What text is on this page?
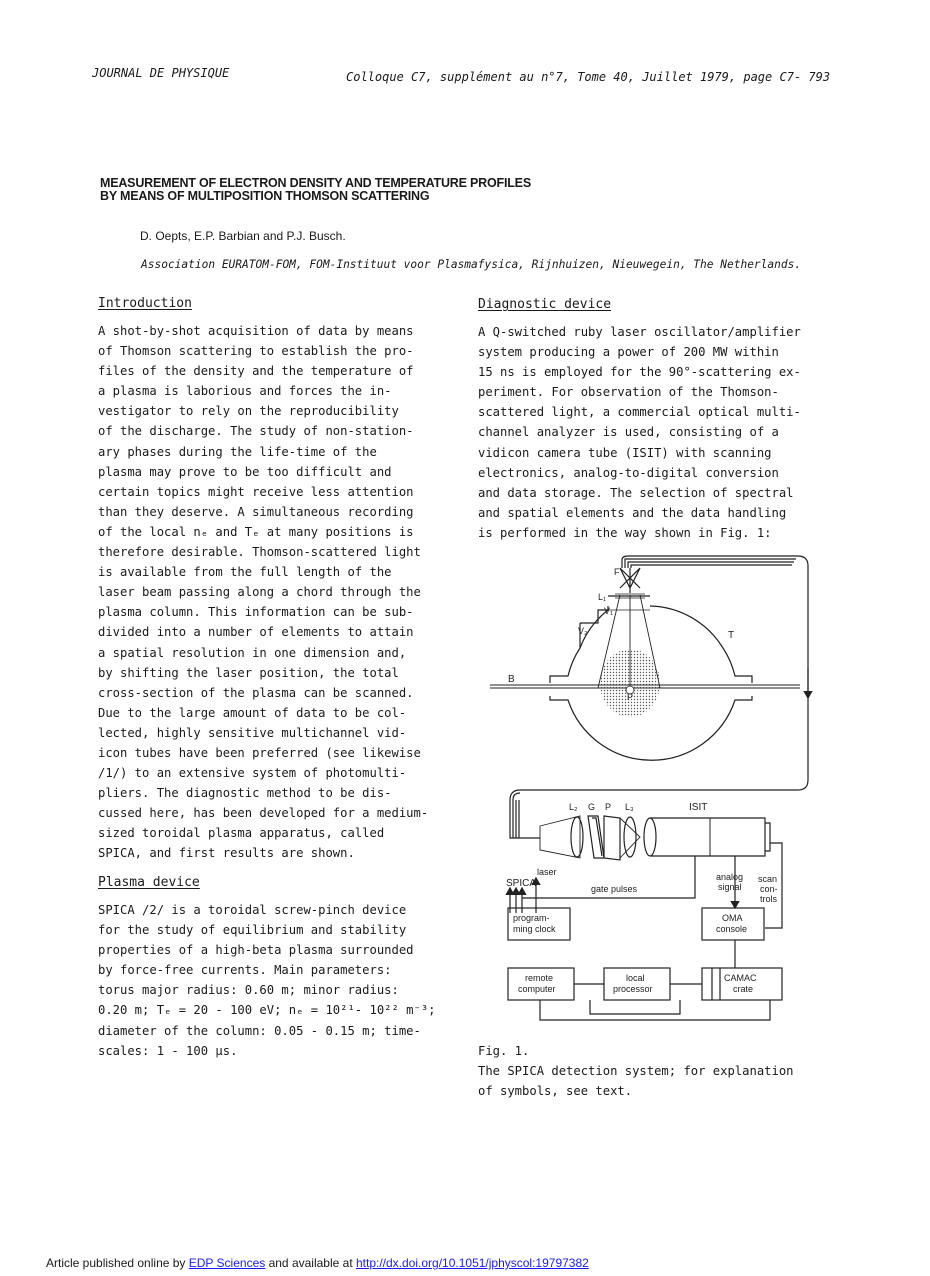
JOURNAL DE PHYSIQUE	Colloque C7, supplément au n°7, Tome 40, Juillet 1979, page C7- 793
MEASUREMENT OF ELECTRON DENSITY AND TEMPERATURE PROFILES
BY MEANS OF MULTIPOSITION THOMSON SCATTERING
D. Oepts, E.P. Barbian and P.J. Busch.
Association EURATOM-FOM, FOM-Instituut voor Plasmafysica, Rijnhuizen, Nieuwegein, The Netherlands.
Introduction

A shot-by-shot acquisition of data by means

of Thomson scattering to establish the pro-

files of the density and the temperature of

a plasma is laborious and forces the in-

vestigator to rely on the reproducibility

of the discharge. The study of non-station-

ary phases during the life-time of the

plasma may prove to be too difficult and

certain topics might receive less attention

than they deserve. A simultaneous recording

of the local nₑ and Tₑ at many positions is

therefore desirable. Thomson-scattered light

is available from the full length of the

laser beam passing along a chord through the

plasma column. This information can be sub-

divided into a number of elements to attain

a spatial resolution in one dimension and,

by shifting the laser position, the total

cross-section of the plasma can be scanned.

Due to the large amount of data to be col-

lected, highly sensitive multichannel vid-

icon tubes have been preferred (see likewise

/1/) to an extensive system of photomulti-

pliers. The diagnostic method to be dis-

cussed here, has been developed for a medium-

sized toroidal plasma apparatus, called

SPICA, and first results are shown.

Plasma device

SPICA /2/ is a toroidal screw-pinch device

for the study of equilibrium and stability

properties of a high-beta plasma surrounded

by force-free currents. Main parameters:

torus major radius: 0.60 m; minor radius:

0.20 m; Tₑ = 20 - 100 eV; nₑ = 10²¹- 10²² m⁻³;

diameter of the column: 0.05 - 0.15 m; time-

scales: 1 - 100 µs.

Diagnostic device

A Q-switched ruby laser oscillator/amplifier

system producing a power of 200 MW within

15 ns is employed for the 90°-scattering ex-

periment. For observation of the Thomson-

scattered light, a commercial optical multi-

channel analyzer is used, consisting of a

vidicon camera tube (ISIT) with scanning

electronics, analog-to-digital conversion

and data storage. The selection of spectral

and spatial elements and the data handling

is performed in the way shown in Fig. 1:

F
L₁
V₁
V₂	T
B
P
L₂ G P L₃	ISIT
SPICA
laser
gate pulses
analog
signal
scan
con-
trols
program-
ming clock
OMA
console
remote
computer
local
processor
CAMAC
crate
Fig. 1.
The SPICA detection system; for explanation
of symbols, see text.
Article published online by EDP Sciences and available at http://dx.doi.org/10.1051/jphyscol:19797382
